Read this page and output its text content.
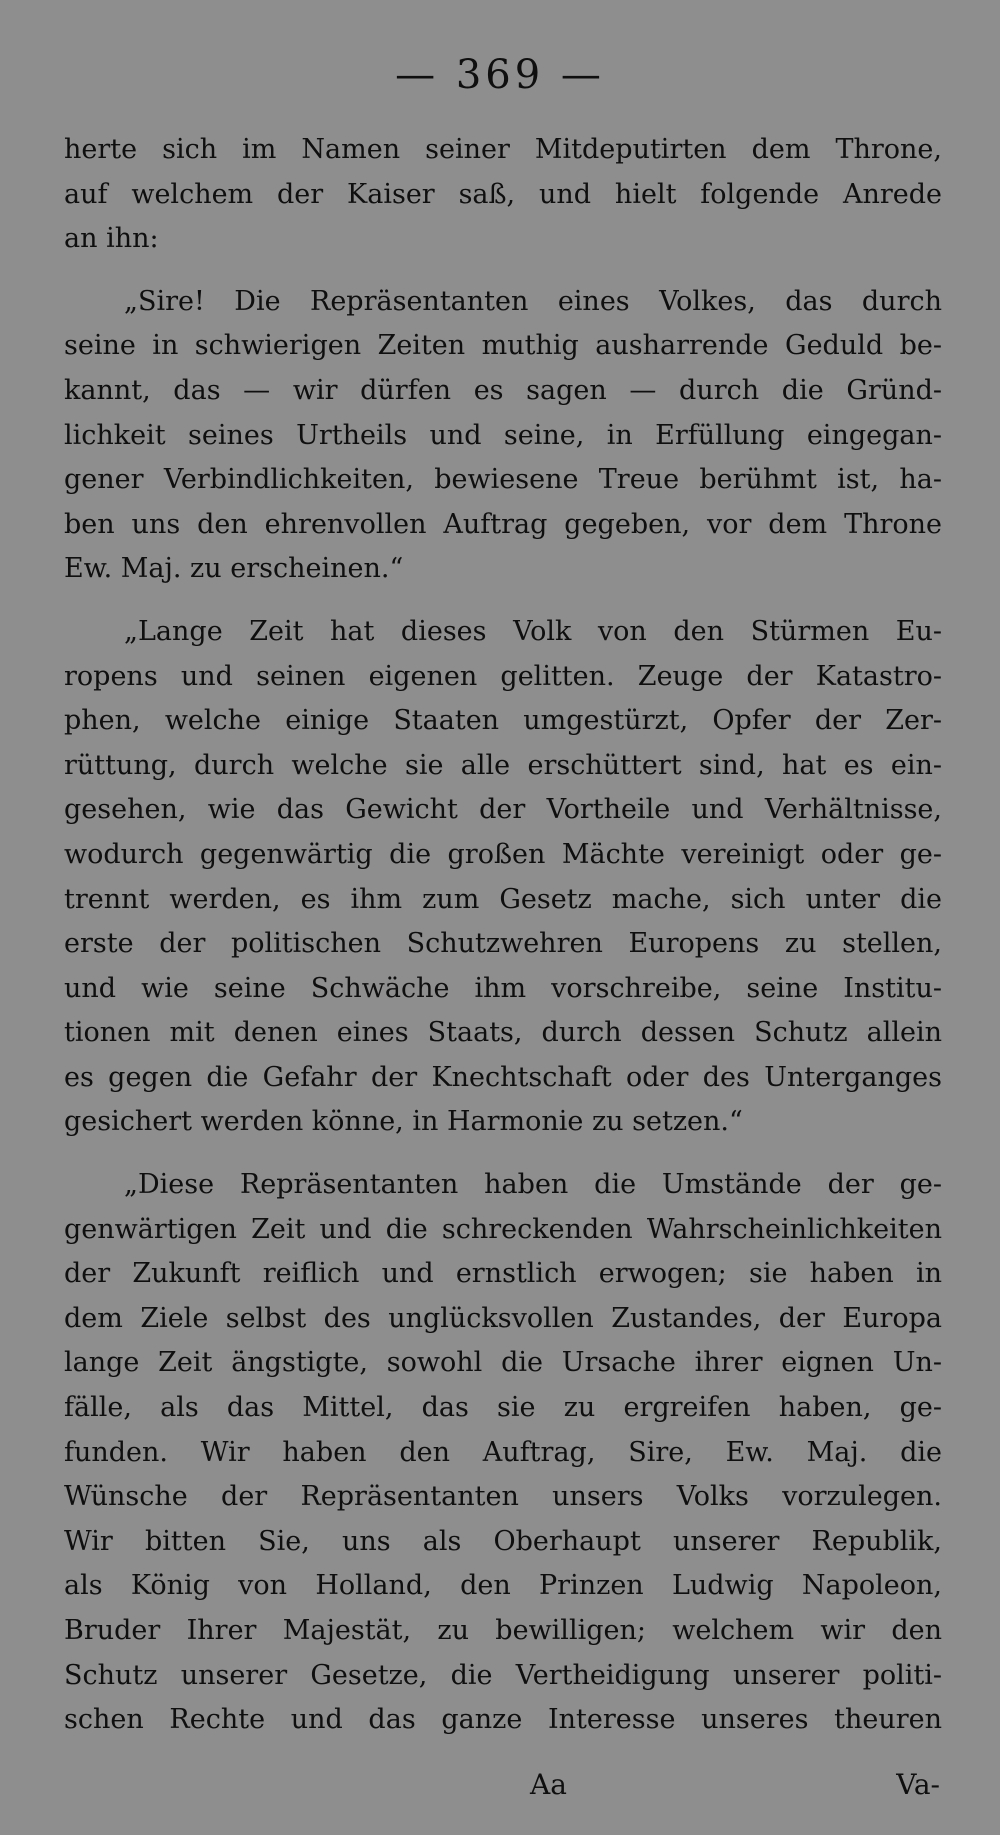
— 369 —
herte sich im Namen seiner Mitdeputirten dem Throne,
auf welchem der Kaiser saß, und hielt folgende Anrede
an ihn:
„Sire! Die Repräsentanten eines Volkes, das durch
seine in schwierigen Zeiten muthig ausharrende Geduld be-
kannt, das — wir dürfen es sagen — durch die Gründ-
lichkeit seines Urtheils und seine, in Erfüllung eingegan-
gener Verbindlichkeiten, bewiesene Treue berühmt ist, ha-
ben uns den ehrenvollen Auftrag gegeben, vor dem Throne
Ew. Maj. zu erscheinen.“
„Lange Zeit hat dieses Volk von den Stürmen Eu-
ropens und seinen eigenen gelitten. Zeuge der Katastro-
phen, welche einige Staaten umgestürzt, Opfer der Zer-
rüttung, durch welche sie alle erschüttert sind, hat es ein-
gesehen, wie das Gewicht der Vortheile und Verhältnisse,
wodurch gegenwärtig die großen Mächte vereinigt oder ge-
trennt werden, es ihm zum Gesetz mache, sich unter die
erste der politischen Schutzwehren Europens zu stellen,
und wie seine Schwäche ihm vorschreibe, seine Institu-
tionen mit denen eines Staats, durch dessen Schutz allein
es gegen die Gefahr der Knechtschaft oder des Unterganges
gesichert werden könne, in Harmonie zu setzen.“
„Diese Repräsentanten haben die Umstände der ge-
genwärtigen Zeit und die schreckenden Wahrscheinlichkeiten
der Zukunft reiflich und ernstlich erwogen; sie haben in
dem Ziele selbst des unglücksvollen Zustandes, der Europa
lange Zeit ängstigte, sowohl die Ursache ihrer eignen Un-
fälle, als das Mittel, das sie zu ergreifen haben, ge-
funden. Wir haben den Auftrag, Sire, Ew. Maj. die
Wünsche der Repräsentanten unsers Volks vorzulegen.
Wir bitten Sie, uns als Oberhaupt unserer Republik,
als König von Holland, den Prinzen Ludwig Napoleon,
Bruder Ihrer Majestät, zu bewilligen; welchem wir den
Schutz unserer Gesetze, die Vertheidigung unserer politi-
schen Rechte und das ganze Interesse unseres theuren
Aa	Va-
